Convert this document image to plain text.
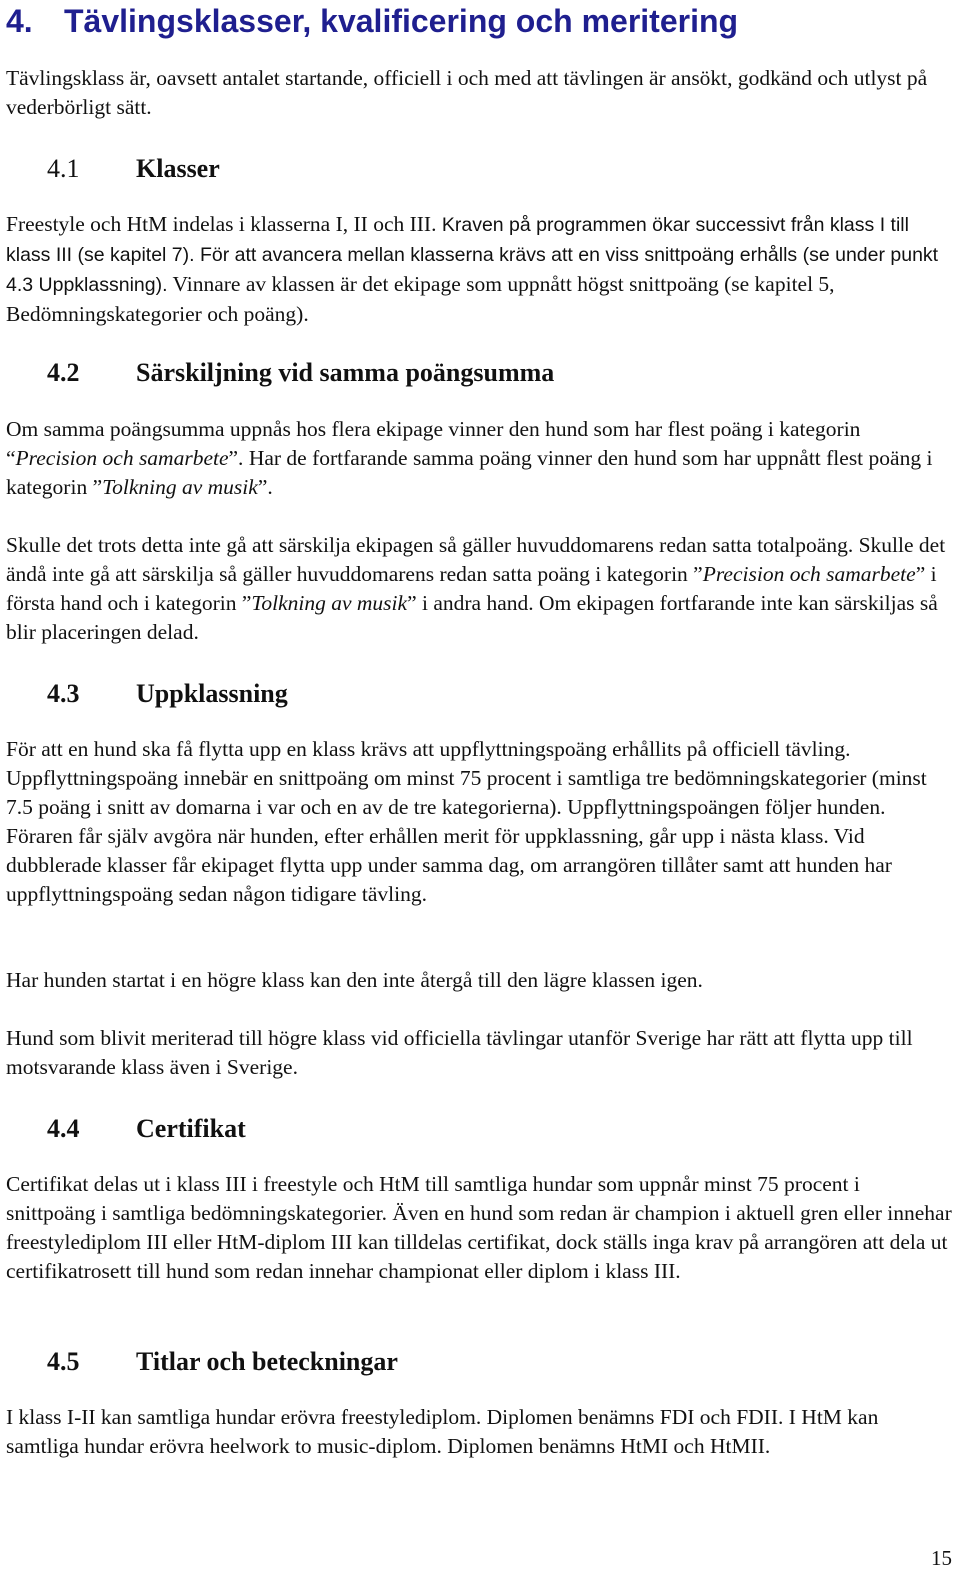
4. Tävlingsklasser, kvalificering och meritering

Tävlingsklass är, oavsett antalet startande, officiell i och med att tävlingen är ansökt, godkänd och utlyst på vederbörligt sätt.

4.1 Klasser

Freestyle och HtM indelas i klasserna I, II och III. Kraven på programmen ökar successivt från klass I till klass III (se kapitel 7). För att avancera mellan klasserna krävs att en viss snittpoäng erhålls (se under punkt 4.3 Uppklassning). Vinnare av klassen är det ekipage som uppnått högst snittpoäng (se kapitel 5, Bedömningskategorier och poäng).

4.2 Särskiljning vid samma poängsumma

Om samma poängsumma uppnås hos flera ekipage vinner den hund som har flest poäng i kategorin “Precision och samarbete”. Har de fortfarande samma poäng vinner den hund som har uppnått flest poäng i kategorin ”Tolkning av musik”.

Skulle det trots detta inte gå att särskilja ekipagen så gäller huvuddomarens redan satta totalpoäng. Skulle det ändå inte gå att särskilja så gäller huvuddomarens redan satta poäng i kategorin ”Precision och samarbete” i första hand och i kategorin ”Tolkning av musik” i andra hand. Om ekipagen fortfarande inte kan särskiljas så blir placeringen delad.

4.3 Uppklassning

För att en hund ska få flytta upp en klass krävs att uppflyttningspoäng erhållits på officiell tävling. Uppflyttningspoäng innebär en snittpoäng om minst 75 procent i samtliga tre bedömningskategorier (minst 7.5 poäng i snitt av domarna i var och en av de tre kategorierna). Uppflyttningspoängen följer hunden. Föraren får själv avgöra när hunden, efter erhållen merit för uppklassning, går upp i nästa klass. Vid dubblerade klasser får ekipaget flytta upp under samma dag, om arrangören tillåter samt att hunden har uppflyttningspoäng sedan någon tidigare tävling.

Har hunden startat i en högre klass kan den inte återgå till den lägre klassen igen.

Hund som blivit meriterad till högre klass vid officiella tävlingar utanför Sverige har rätt att flytta upp till motsvarande klass även i Sverige.

4.4 Certifikat

Certifikat delas ut i klass III i freestyle och HtM till samtliga hundar som uppnår minst 75 procent i snittpoäng i samtliga bedömningskategorier. Även en hund som redan är champion i aktuell gren eller innehar freestylediplom III eller HtM-diplom III kan tilldelas certifikat, dock ställs inga krav på arrangören att dela ut certifikatrosett till hund som redan innehar championat eller diplom i klass III.

4.5 Titlar och beteckningar

I klass I-II kan samtliga hundar erövra freestylediplom. Diplomen benämns FDI och FDII. I HtM kan samtliga hundar erövra heelwork to music-diplom. Diplomen benämns HtMI och HtMII.

15
